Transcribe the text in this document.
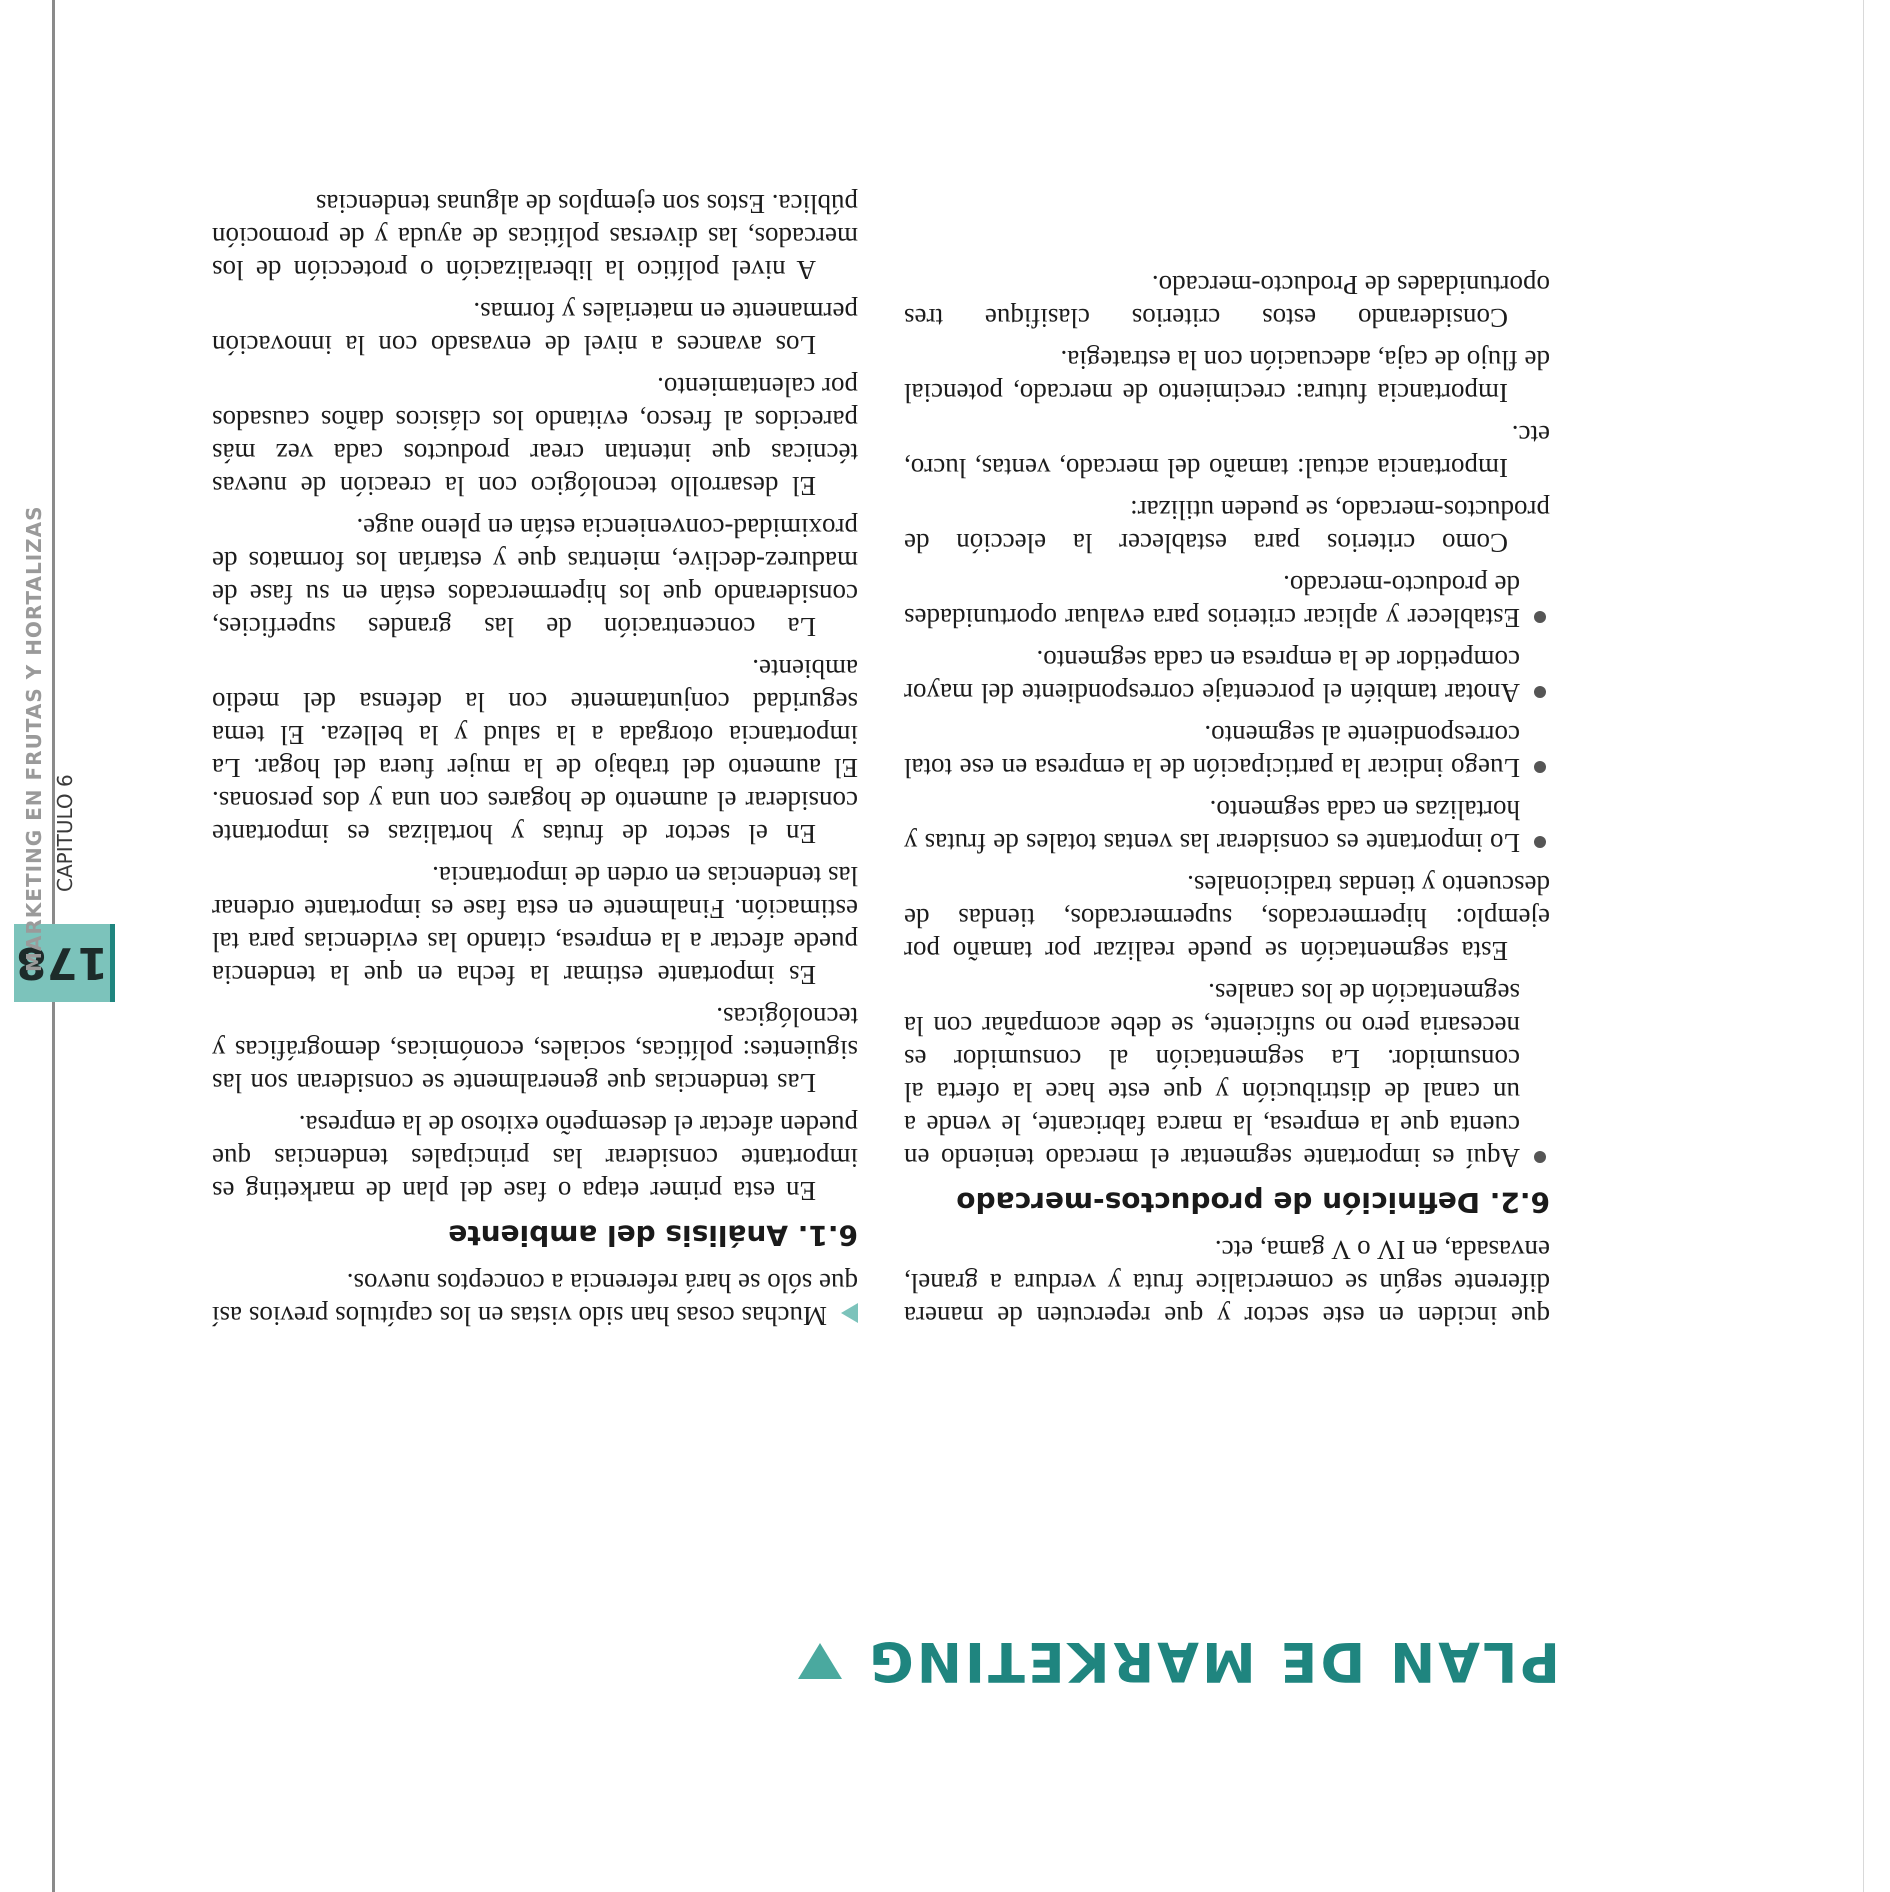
PLAN DE MARKETING

que inciden en este sector y que repercuten de manera diferente según se comercialice fruta y verdura a granel, envasada, en IV o V gama, etc.

6.2. Definición de productos-mercado
Aquí es importante segmentar el mercado teniendo en cuenta que la empresa, la marca fabricante, le vende a un canal de distribución y que este hace la oferta al consumidor. La segmentación al consumidor es necesaria pero no suficiente, se debe acompañar con la segmentación de los canales.

Esta segmentación se puede realizar por tamaño por ejemplo: hipermercados, supermercados, tiendas de descuento y tiendas tradicionales.

Lo importante es considerar las ventas totales de frutas y hortalizas en cada segmento.
Luego indicar la participación de la empresa en ese total correspondiente al segmento.
Anotar también el porcentaje correspondiente del mayor competidor de la empresa en cada segmento.
Establecer y aplicar criterios para evaluar oportunidades de producto-mercado.

Como criterios para establecer la elección de productos-mercado, se pueden utilizar:

Importancia actual: tamaño del mercado, ventas, lucro, etc.

Importancia futura: crecimiento de mercado, potencial de flujo de caja, adecuación con la estrategia.

Considerando estos criterios clasifique tres oportunidades de Producto-mercado.

Muchas cosas han sido vistas en los capítulos previos así que sólo se hará referencia a conceptos nuevos.

6.1. Análisis del ambiente

En esta primer etapa o fase del plan de marketing es importante considerar las principales tendencias que pueden afectar el desempeño exitoso de la empresa.

Las tendencias que generalmente se consideran son las siguientes: políticas, sociales, económicas, demográficas y tecnológicas.

Es importante estimar la fecha en que la tendencia puede afectar a la empresa, citando las evidencias para tal estimación. Finalmente en esta fase es importante ordenar las tendencias en orden de importancia.

En el sector de frutas y hortalizas es importante considerar el aumento de hogares con una y dos personas. El aumento del trabajo de la mujer fuera del hogar. La importancia otorgada a la salud y la belleza. El tema seguridad conjuntamente con la defensa del medio ambiente.

La concentración de las grandes superficies, considerando que los hipermercados están en su fase de madurez-declive, mientras que y estarían los formatos de proximidad-conveniencia están en pleno auge.

El desarrollo tecnológico con la creación de nuevas técnicas que intentan crear productos cada vez más parecidos al fresco, evitando los clásicos daños causados por calentamiento.

Los avances a nivel de envasado con la innovación permanente en materiales y formas.

A nivel político la liberalización o protección de los mercados, las diversas políticas de ayuda y de promoción pública. Estos son ejemplos de algunas tendencias

178
CAPITULO 6
MARKETING EN FRUTAS Y HORTALIZAS
